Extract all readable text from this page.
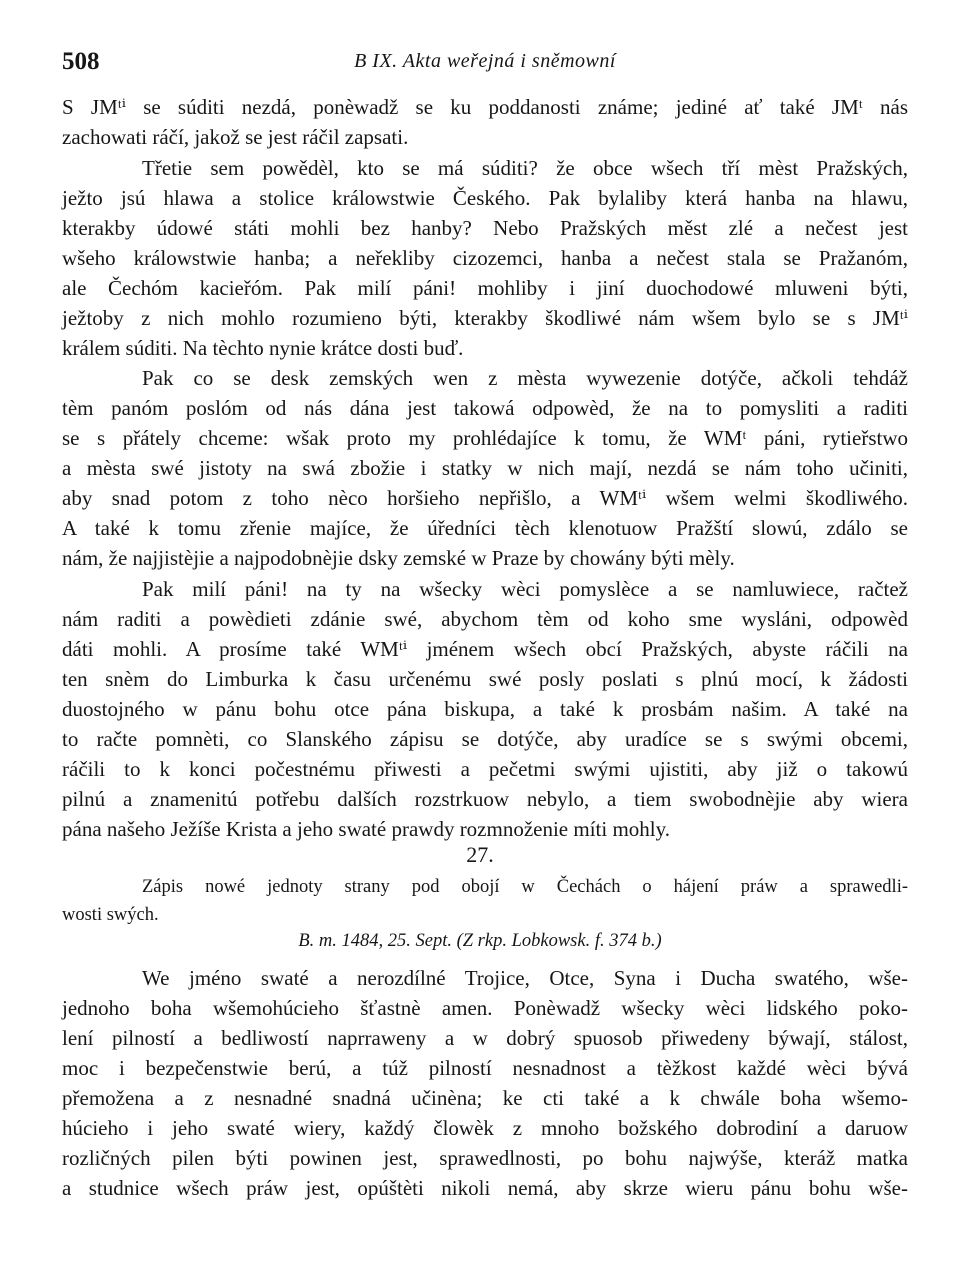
508	B IX. Akta weřejná i sněmowní
S JMᵗⁱ se súditi nezdá, ponèwadž se ku poddanosti známe; jediné ať také JMᵗ nás
zachowati ráčí, jakož se jest ráčil zapsati.
Třetie sem powědèl, kto se má súditi? že obce wšech tří mèst Pražských,
ježto jsú hlawa a stolice králowstwie Českého. Pak bylaliby která hanba na hlawu,
kterakby údowé státi mohli bez hanby? Nebo Pražských měst zlé a nečest jest
wšeho králowstwie hanba; a neřekliby cizozemci, hanba a nečest stala se Pražanóm,
ale Čechóm kacieřóm. Pak milí páni! mohliby i jiní duochodowé mluweni býti,
ježtoby z nich mohlo rozumieno býti, kterakby škodliwé nám wšem bylo se s JMᵗⁱ
králem súditi. Na tèchto nynie krátce dosti buď.
Pak co se desk zemských wen z mèsta wywezenie dotýče, ačkoli tehdáž
tèm panóm poslóm od nás dána jest takowá odpowèd, že na to pomysliti a raditi
se s přátely chceme: wšak proto my prohlédajíce k tomu, že WMᵗ páni, rytieřstwo
a mèsta swé jistoty na swá zbožie i statky w nich mají, nezdá se nám toho učiniti,
aby snad potom z toho nèco horšieho nepřišlo, a WMᵗⁱ wšem welmi škodliwého.
A také k tomu zřenie majíce, že úředníci tèch klenotuow Pražští slowú, zdálo se
nám, že najjistèjie a najpodobnèjie dsky zemské w Praze by chowány býti mèly.
Pak milí páni! na ty na wšecky wèci pomyslèce a se namluwiece, račtež
nám raditi a powèdieti zdánie swé, abychom tèm od koho sme wysláni, odpowèd
dáti mohli. A prosíme také WMᵗⁱ jménem wšech obcí Pražských, abyste ráčili na
ten snèm do Limburka k času určenému swé posly poslati s plnú mocí, k žádosti
duostojného w pánu bohu otce pána biskupa, a také k prosbám našim. A také na
to račte pomnèti, co Slanského zápisu se dotýče, aby uradíce se s swými obcemi,
ráčili to k konci počestnému přiwesti a pečetmi swými ujistiti, aby již o takowú
pilnú a znamenitú potřebu dalších rozstrkuow nebylo, a tiem swobodnèjie aby wiera
pána našeho Ježíše Krista a jeho swaté prawdy rozmnoženie míti mohly.
27.
Zápis nowé jednoty strany pod obojí w Čechách o hájení práw a sprawedli-
wosti swých.
B. m. 1484, 25. Sept. (Z rkp. Lobkowsk. f. 374 b.)
We jméno swaté a nerozdílné Trojice, Otce, Syna i Ducha swatého, wše-
jednoho boha wšemohúcieho šťastnè amen. Ponèwadž wšecky wèci lidského poko-
lení pilností a bedliwostí naprraweny a w dobrý spuosob přiwedeny býwají, stálost,
moc i bezpečenstwie berú, a túž pilností nesnadnost a tèžkost každé wèci bývá
přemožena a z nesnadné snadná učinèna; ke cti také a k chwále boha wšemo-
húcieho i jeho swaté wiery, každý člowèk z mnoho božského dobrodiní a daruow
rozličných pilen býti powinen jest, sprawedlnosti, po bohu najwýše, kteráž matka
a studnice wšech práw jest, opúštèti nikoli nemá, aby skrze wieru pánu bohu wše-
